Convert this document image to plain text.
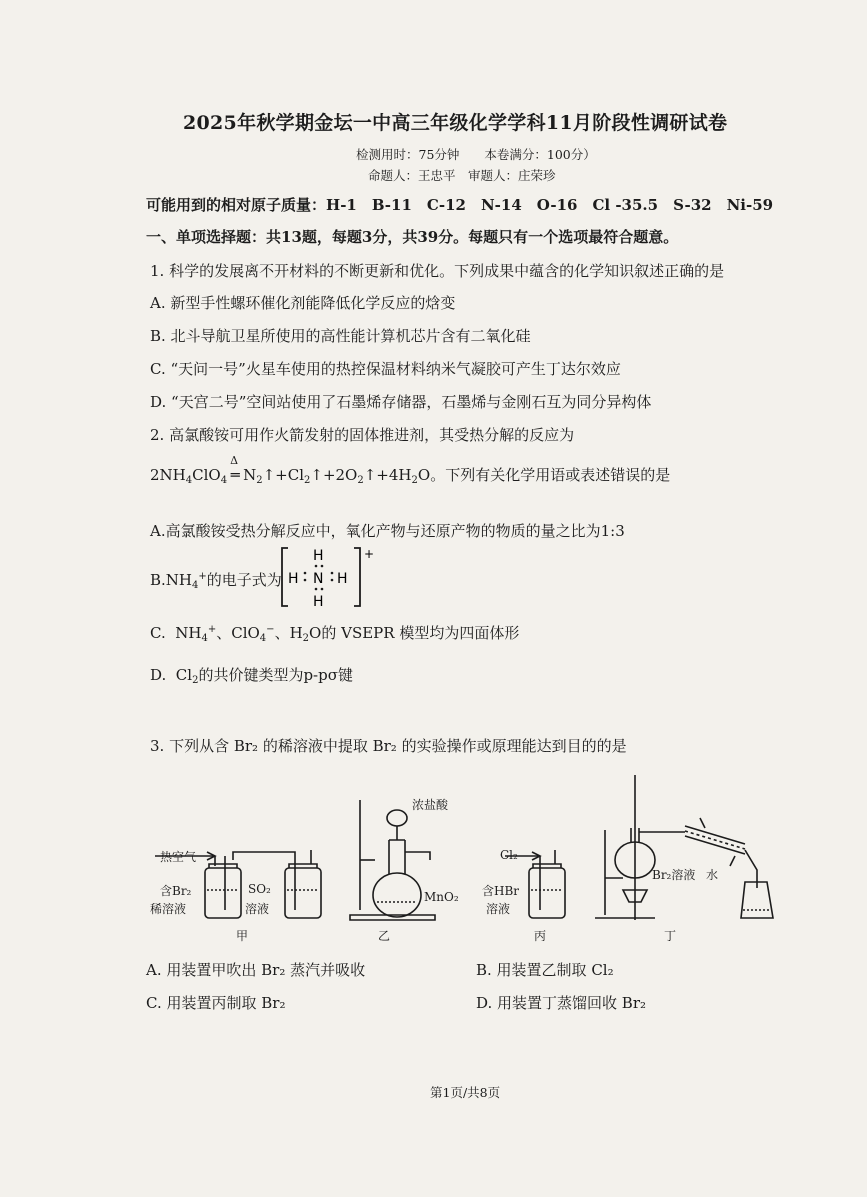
2025年秋学期金坛一中高三年级化学学科11月阶段性调研试卷
检测用时：75分钟　　本卷满分：100分）
命题人：王忠平　审题人：庄荣珍
可能用到的相对原子质量：H-1　B-11　C-12　N-14　O-16　Cl -35.5　S-32　Ni-59
一、单项选择题：共13题，每题3分，共39分。每题只有一个选项最符合题意。
1. 科学的发展离不开材料的不断更新和优化。下列成果中蕴含的化学知识叙述正确的是
A. 新型手性螺环催化剂能降低化学反应的焓变
B. 北斗导航卫星所使用的高性能计算机芯片含有二氧化硅
C. “天问一号”火星车使用的热控保温材料纳米气凝胶可产生丁达尔效应
D. “天宫二号”空间站使用了石墨烯存储器，石墨烯与金刚石互为同分异构体
2. 高氯酸铵可用作火箭发射的固体推进剂，其受热分解的反应为
$2NH_4ClO_4$
Δ
═ $N_2↑+Cl_2↑+2O_2↑+4H_2O$。下列有关化学用语或表述错误的是
A.高氯酸铵受热分解反应中，氧化产物与还原产物的物质的量之比为1:3
$B.NH_4^+$的电子式为
+
H
H
H N H
C.  $NH_4^+$、ClO$_4$−、$H_2O$的 VSEPR 模型均为四面体形
D.  $Cl_2$的共价键类型为p-pσ键
3. 下列从含 Br₂ 的稀溶液中提取 Br₂ 的实验操作或原理能达到目的的是
热空气
含Br₂
稀溶液
SO₂
溶液
甲
浓盐酸
MnO₂
乙
Cl₂
含HBr
溶液
丙
Br₂溶液 水
丁
A. 用装置甲吹出 Br₂ 蒸汽并吸收	B. 用装置乙制取 Cl₂
C. 用装置丙制取 Br₂	D. 用装置丁蒸馏回收 Br₂
第1页/共8页
